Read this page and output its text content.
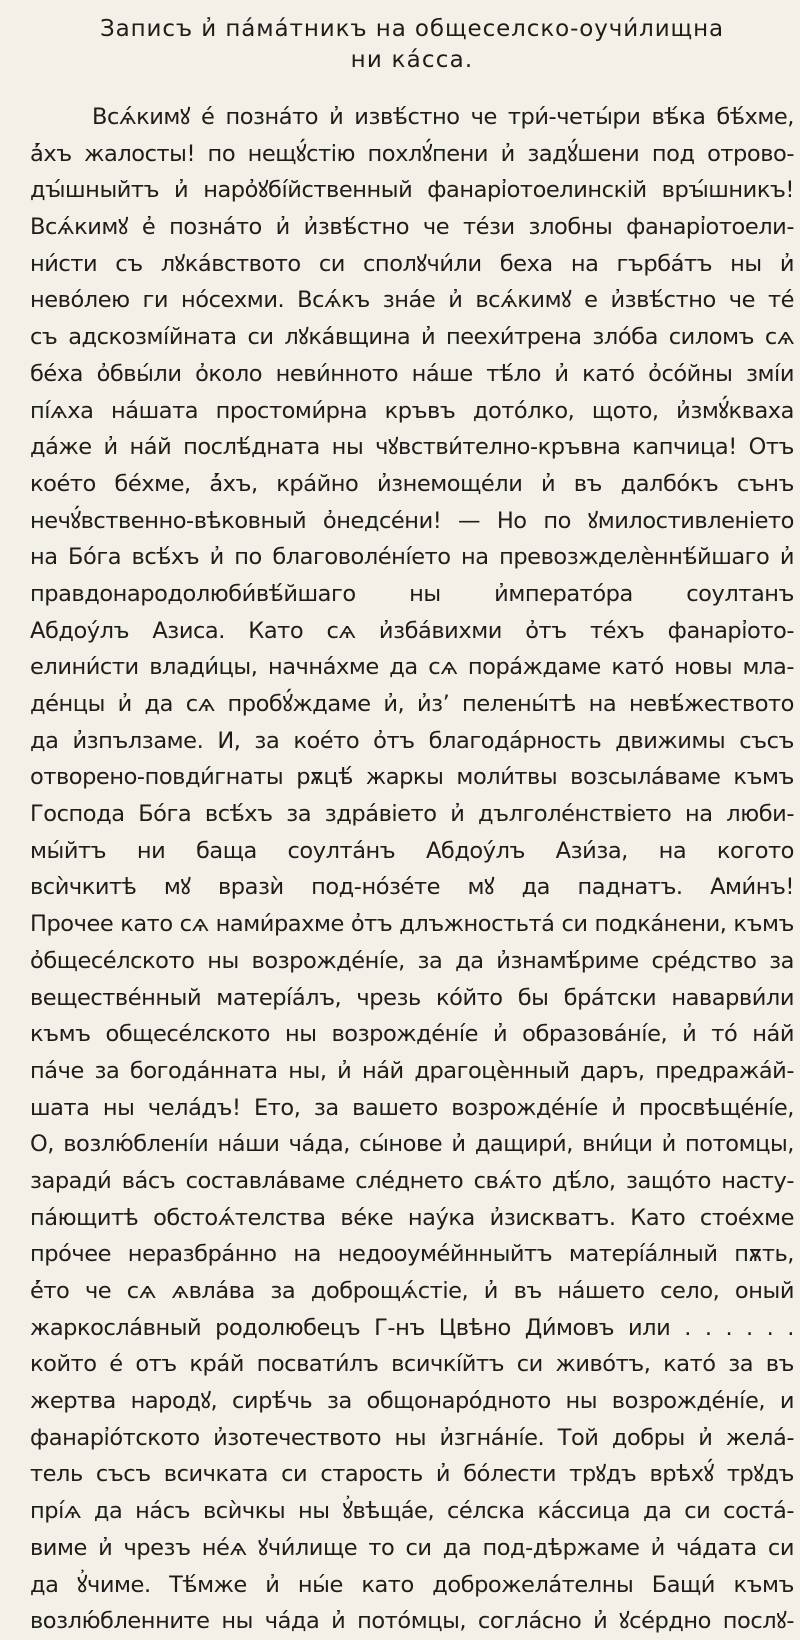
Записъ и҆ па́ма́тникъ на общеселско-оучи́лищна

ни ка́сса.

Всѧ́кимꙋ е́ позна́то и҆ извѣ́стно че три́-четы́ри вѣ́ка бѣ́хме,
а҆́хъ жалосты! по нещꙋ́стію похлꙋ́пени и҆ задꙋ́шени под отрово-
дꙑ́шныйтъ и҆ наро҆ꙋбі́йственный фанарі҆отоелинскій врꙑ́шникъ!
Всѧ́кимꙋ е҆ позна́то и҆ и҆звѣ́стно че те́зи злобны фанарі҆отоели-
ни́сти съ лꙋка́вството си сполꙋчи́ли беха на гърба́тъ ны и҆
нево́лею ги но́сехми. Всѧ́къ зна́е и҆ всѧ́кимꙋ е и҆звѣ́стно че те́
съ адскозмі́йната си лꙋка́вщина и҆ пеехи́трена зло́ба силомъ сѧ
бе́ха о҆бвы́ли о҆коло неви́нното на́ше тѣ́ло и҆ като́ о҆со́йны змі́и
пі́ѧха на́шата простоми́рна кръвъ дото́лко, щото, и҆змꙋ́кваха
да́же и҆ на́й послѣ́дната ны чꙋвстви́телно-кръвна капчица! Отъ
кое́то бе́хме, а҆́хъ, кра́йно и҆знемоще́ли и҆ въ далбо́къ сънъ
нечꙋ́вственно-вѣковный о҆недсе́ни! — Но по ꙋмилостивленіето
на Бо́га всѣ́хъ и҆ по благоволе́ні́ето на превозжделѐннѣ́йшаго и҆
правдонародолюби́вѣ́йшаго ны и҆мперато́ра соултанъ
Абдоу́лъ Азиса. Като сѧ и҆зба́вихми о҆тъ те́хъ фанарі҆ото-
елини́сти влади́цы, начна́хме да сѧ пора́ждаме като́ новы мла-
де́нцы и҆ да сѧ пробꙋ́ждаме и҆, и҆з’ пелены́тѣ на невѣ́жеството
да и҆зпълзаме. И, за кое́то о҆тъ благода́рность движимы съсъ
отворено-повди́гнаты рѫцѣ́ жаркы моли́твы возсыла́ваме къмъ
Господа Бо́га всѣ́хъ за здра́віето и҆ дълголе́нствіето на люби-
мы́йтъ ни баща соулта́нъ Абдоу́лъ Ази́за, на когото
всѝчкитѣ мꙋ вразѝ под-но́зе́те мꙋ да паднатъ. Ами́нъ!
Прочее като сѧ нами́рахме о҆тъ длъжностьта́ си подка́нени, къмъ
о҆бщесе́лското ны возрожде́ні́е, за да и҆знамѣ́риме сре́дство за
веществе́нный матері́а́лъ, чрезь ко́йто бы бра́тски наварви́ли
къмъ общесе́лското ны возрожде́ні́е и҆ образова́ні́е, и҆ то́ на́й
па́че за богода́нната ны, и҆ на́й драгоцѐнный даръ, предража́й-
шата ны чела́дъ! Ето, за вашето возрожде́ні́е и҆ просвѣще́ні́е,
О, возлю́блені́и на́ши ча́да, сы́нове и҆ дащири́, вни́ци и҆ потомцы,
заради́ ва́съ составла́ваме сле́днето свѧ́то дѣ́ло, защо́то насту-
па́ющитѣ обстоѧ́телства ве́ке нау́ка и҆зискватъ. Като стое́хме
про́чее неразбра́нно на недооуме́йнныйтъ матері́а́лный пѫть,
е҆́то че сѧ ѧвла́ва за доброщѧ́стіе, и҆ въ на́шето село, оный
жаркосла́вный родолюбецъ Г-нъ Цвѣно Ди́мовъ или . . . . . .
който е́ отъ кра́й посвати́лъ всичкі́йтъ си живо́тъ, като́ за въ
жертва народꙋ, сирѣ́чь за общонаро́дното ны возрожде́ні́е, и
фанарі҆о́тското и҆зотечеството ны и҆згна́ні́е. Той добры и҆ жела́-
тель съсъ всичката си старость и҆ бо́лести трꙋдъ врѣхꙋ́ трꙋдъ
прі́ѧ да на́съ всѝчкы ны ꙋ҆вѣща́е, се́лска ка́ссица да си соста́-
виме и҆ чрезъ не́ѧ ꙋчи́лище то си да под-дѣржаме и҆ ча́дата си
да ꙋ҆чиме. Тѣ́мже и҆ ны́е като доброжела́телны Бащи́ къмъ
возлю́бленните ны ча́да и҆ пото́мцы, согла́сно и҆ ꙋсе́рдно послꙋ-
